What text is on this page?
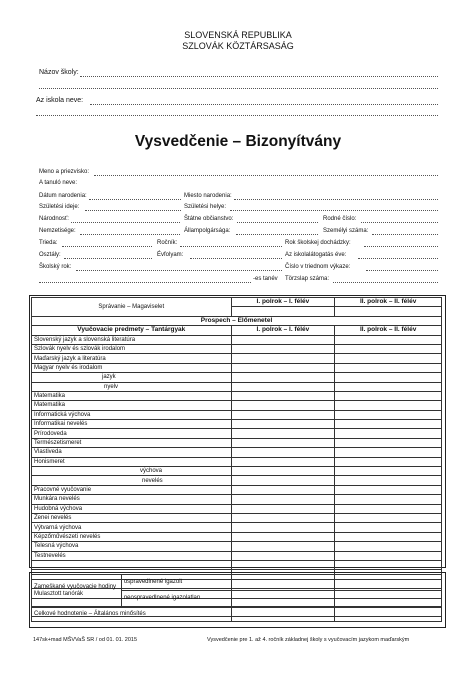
SLOVENSKÁ REPUBLIKA
SZLOVÁK KÖZTÁRSASÁG
Názov školy:
Az iskola neve:
Vysvedčenie – Bizonyítvány
Meno a priezvisko:
A tanuló neve:
Dátum narodenia:	Miesto narodenia:
Születési ideje:	Születési helye:
Národnosť:	Štátne občianstvo:	Rodné číslo:
Nemzetisége:	Állampolgársága:	Személyi száma:
Trieda:	Ročník:	Rok školskej dochádzky:
Osztály:	Évfolyam:	Az iskolalátogatás éve:
Školský rok:	Číslo v triednom výkaze:
-es tanév Törzslap száma:
Správanie – Magaviselet	I. polrok – I. félév	II. polrok – II. félév

Prospech – Előmenetel		
Vyučovacie predmety – Tantárgyak	I. polrok – I. félév	II. polrok – II. félév
Slovenský jazyk a slovenská literatúra		
Szlovák nyelv és szlovák irodalom		
Maďarský jazyk a literatúra		
Magyar nyelv és irodalom		
jazyk		
nyelv		
Matematika		
Matematika		
Informatická výchova		
Informatikai nevelés		
Prírodoveda		
Természetismeret		
Vlastiveda		
Honismeret		
výchova		
nevelés		
Pracovné vyučovanie		
Munkára nevelés		
Hudobná výchova		
Zenei nevelés		
Výtvarná výchova		
Képzőművészeti nevelés		
Telesná výchova		
Testnevelés		

Zameškané vyučovacie hodiny Mulasztott tanórák	ospravedlnené igazolt		
	neospravedlnené igazolatlan		
Celkové hodnotenie – Általános minősítés			
147sk+mad MŠVVaŠ SR / od 01. 01. 2015	Vysvedčenie pre 1. až 4. ročník základnej školy s vyučovacím jazykom maďarským
